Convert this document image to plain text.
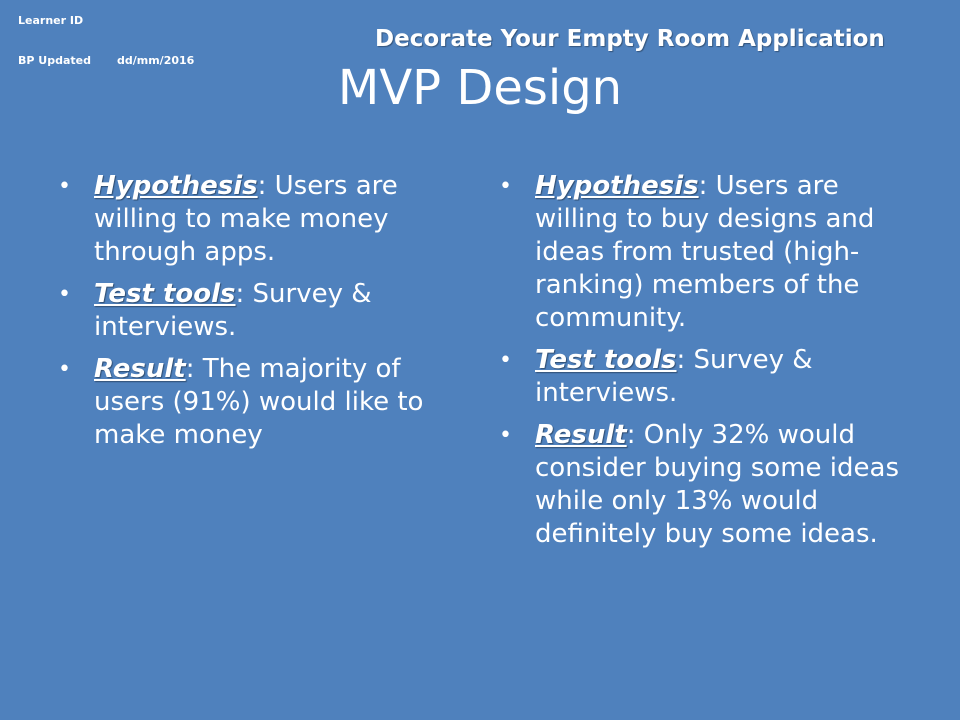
Learner ID
BP Updated dd/mm/2016
Decorate Your Empty Room Application
MVP Design
• Hypothesis: Users are willing to make money through apps.
• Test tools: Survey & interviews.
• Result: The majority of users (91%) would like to make money
• Hypothesis: Users are willing to buy designs and ideas from trusted (high-ranking) members of the community.
• Test tools: Survey & interviews.
• Result: Only 32% would consider buying some ideas while only 13% would definitely buy some ideas.
